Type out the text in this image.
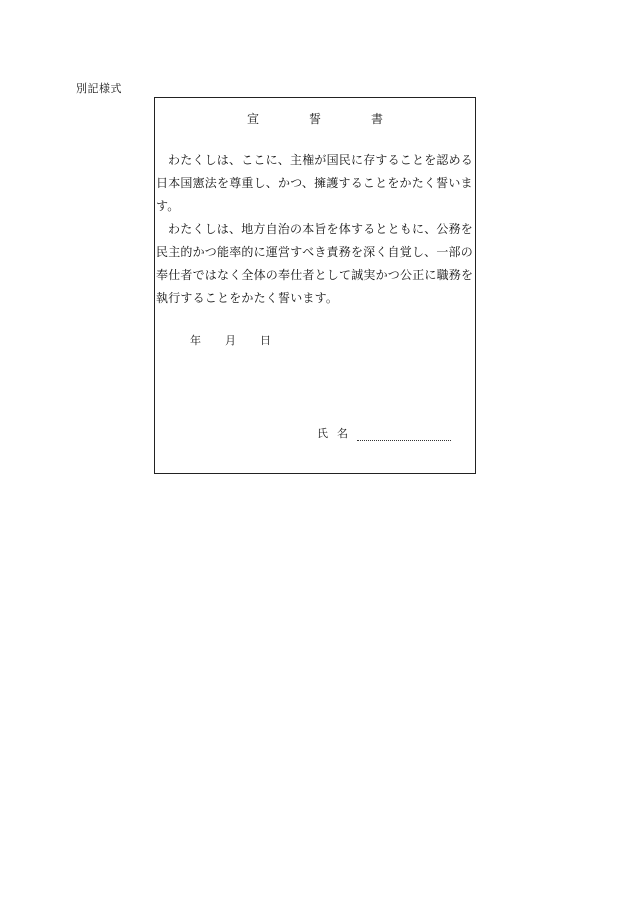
別記様式
宣	誓	書

わたくしは、ここに、主権が国民に存することを認める日本国憲法を尊重し、かつ、擁護することをかたく誓います。

わたくしは、地方自治の本旨を体するとともに、公務を民主的かつ能率的に運営すべき責務を深く自覚し、一部の奉仕者ではなく全体の奉仕者として誠実かつ公正に職務を執行することをかたく誓います。

年 月 日
氏名
